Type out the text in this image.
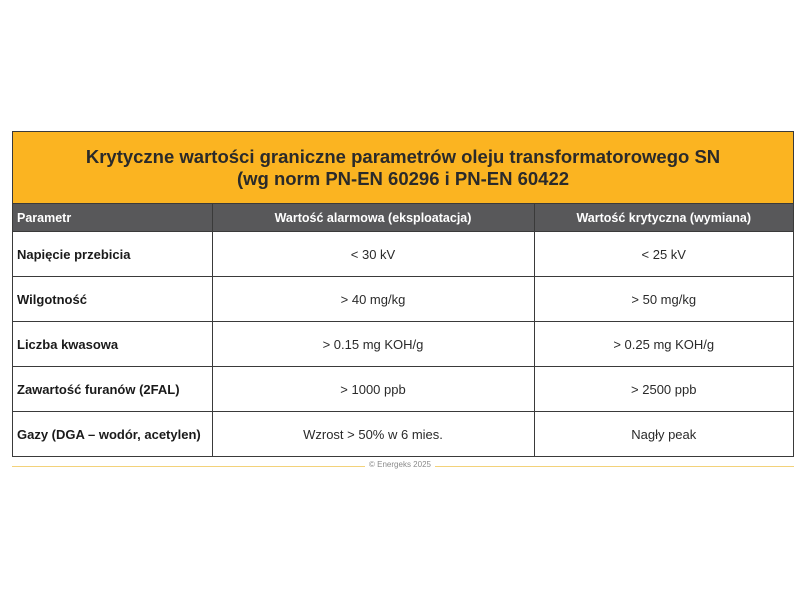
Krytyczne wartości graniczne parametrów oleju transformatorowego SN
(wg norm PN-EN 60296 i PN-EN 60422
Parametr	Wartość alarmowa (eksploatacja)	Wartość krytyczna (wymiana)
Napięcie przebicia	< 30 kV	< 25 kV
Wilgotność	> 40 mg/kg	> 50 mg/kg
Liczba kwasowa	> 0.15 mg KOH/g	> 0.25 mg KOH/g
Zawartość furanów (2FAL)	> 1000 ppb	> 2500 ppb
Gazy (DGA – wodór, acetylen)	Wzrost > 50% w 6 mies.	Nagły peak
© Energeks 2025
